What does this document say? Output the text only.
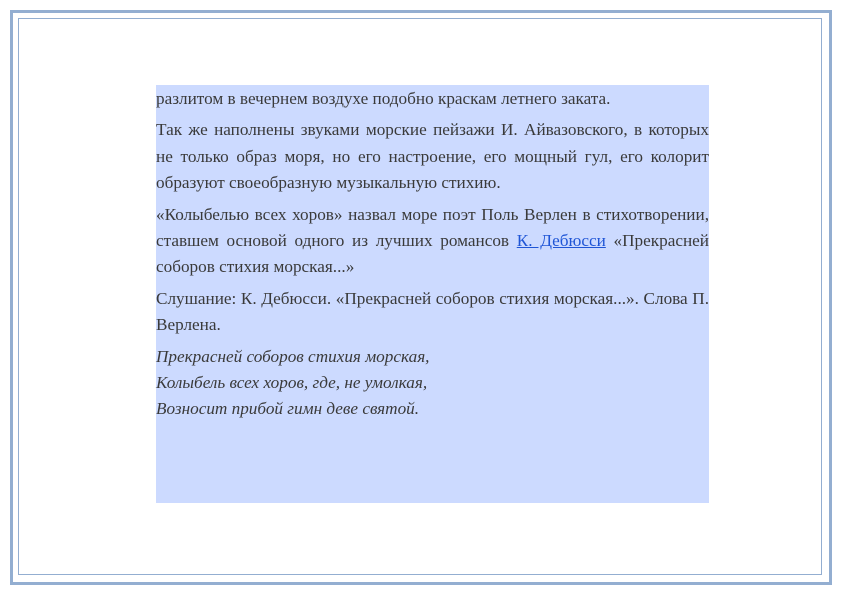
разлитом в вечернем воздухе подобно краскам летнего заката.

Так же наполнены звуками морские пейзажи И. Айвазовского, в которых не только образ моря, но его настроение, его мощный гул, его колорит образуют своеобразную музыкальную стихию.

«Колыбелью всех хоров» назвал море поэт Поль Верлен в стихотворении, ставшем основой одного из лучших романсов К. Дебюсси «Прекрасней соборов стихия морская...»

Слушание: К. Дебюсси. «Прекрасней соборов стихия морская...». Слова П. Верлена.

Прекрасней соборов стихия морская,
Колыбель всех хоров, где, не умолкая,
Возносит прибой гимн деве святой.
